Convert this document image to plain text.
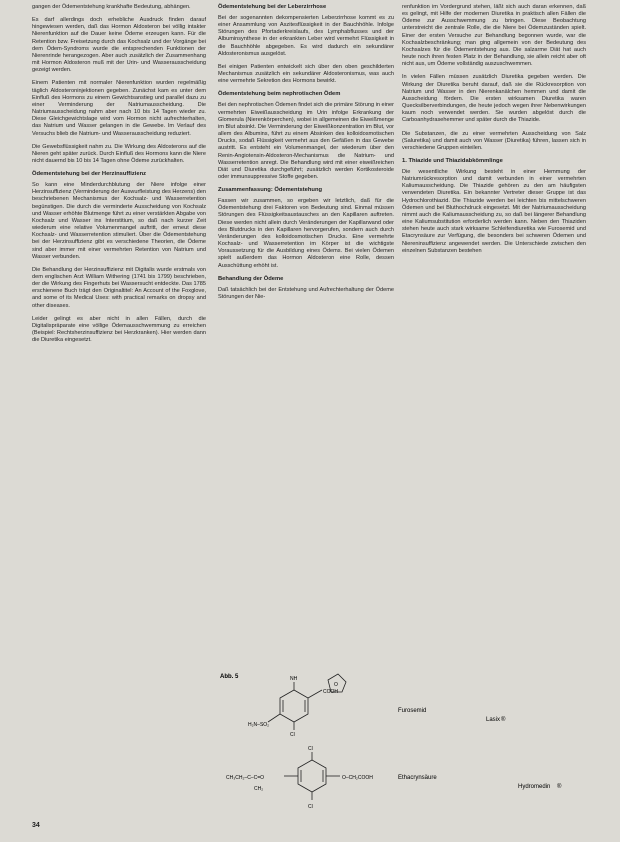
gangen der Ödementstehung krankhafte Bedeutung, abhängen.

Es darf allerdings doch erhebliche Ausdruck finden darauf hingewiesen werden, daß das Hormon Aldosteron bei völlig intakter Nierenfunktion auf die Dauer keine Ödeme erzeugen kann. Für die Retention bzw. Freisetzung durch das Kochsalz und der Vorgänge bei dem Ödem-Syndroms wurde die entsprechenden Funktionen der Nierenrinde herangezogen. Aber auch zusätzlich der Zusammenhang mit Hormon Aldosteron muß mit der Urin- und Wasserausscheidung gezeigt werden.

Einem Patienten mit normaler Nierenfunktion wurden regelmäßig täglich Aldosteroninjektionen gegeben. Zunächst kam es unter dem Einfluß des Hormons zu einem Gewichtsanstieg und parallel dazu zu einer Verminderung der Natriumausscheidung. Die Natriumausscheidung nahm aber nach 10 bis 14 Tagen wieder zu. Diese Gleichgewichtslage wird vom Hormon nicht aufrechterhalten, das Natrium und Wasser gelangen in die Gewebe. Im Verlauf des Versuchs blieb die Natrium- und Wasserausscheidung reduziert.

Die Gewebsflüssigkeit nahm zu. Die Wirkung des Aldosterons auf die Nieren geht später zurück. Durch Einfluß des Hormons kann die Niere nicht dauernd bis 10 bis 14 Tagen ohne Ödeme zurückhalten.

Ödementstehung bei der Herzinsuffizienz

So kann eine Minderdurchblutung der Niere infolge einer Herzinsuffizienz (Verminderung der Auswurfleistung des Herzens) den beschriebenen Mechanismus der Kochsalz- und Wasserretention begünstigen. Die durch die verminderte Ausscheidung von Kochsalz und Wasser erhöhte Blutmenge führt zu einer verstärkten Abgabe von Kochsalz und Wasser ins Interstitium, so daß nach kurzer Zeit wiederum eine relative Volumenmangel auftritt, der erneut diese Kochsalz- und Wasserretention stimuliert. Über die Ödementstehung bei der Herzinsuffizienz gibt es verschiedene Theorien, die Ödeme sind aber immer mit einer vermehrten Retention von Natrium und Wasser verbunden.

Die Behandlung der Herzinsuffizienz mit Digitalis wurde erstmals von dem englischen Arzt William Withering (1741 bis 1799) beschrieben, der die Wirkung des Fingerhuts bei Wassersucht entdeckte. Das 1785 erschienene Buch trägt den Originaltitel: An Account of the Foxglove, and some of its Medical Uses: with practical remarks on dropsy and other diseases.

Leider gelingt es aber nicht in allen Fällen, durch die Digitalispräparate eine völlige Ödemausschwemmung zu erreichen (Beispiel: Rechtsherzinsuffizienz bei Herzkranken). Hier werden dann die Diuretika eingesetzt.

Ödementstehung bei der Leberzirrhose

Bei der sogenannten dekompensierten Leberzirrhose kommt es zu einer Ansammlung von Aszitesflüssigkeit in der Bauchhöhle. Infolge Störungen des Pfortaderkreislaufs, des Lymphabflusses und der Albuminsynthese in der erkrankten Leber wird vermehrt Flüssigkeit in die Bauchhöhle abgegeben. Es wird dadurch ein sekundärer Aldosteronismus ausgelöst.

Bei einigen Patienten entwickelt sich über den oben geschilderten Mechanismus zusätzlich ein sekundärer Aldosteronismus, was auch eine vermehrte Sekretion des Hormons bewirkt.

Ödementstehung beim nephrotischen Ödem

Bei den nephrotischen Ödemen findet sich die primäre Störung in einer vermehrten Eiweißausscheidung im Urin infolge Erkrankung der Glomerula (Nierenkörperchen), wobei in allgemeinen die Eiweißmenge im Blut absinkt. Die Verminderung der Eiweißkonzentration im Blut, vor allem des Albumins, führt zu einem Absinken des kolloidosmotischen Drucks, sodaß Flüssigkeit vermehrt aus den Gefäßen in das Gewebe austritt. Es entsteht ein Volumenmangel, der wiederum über den Renin-Angiotensin-Aldosteron-Mechanismus die Natrium- und Wasserretention anregt. Die Behandlung wird mit einer eiweißreichen Diät und Diuretika durchgeführt; zusätzlich werden Kortikosteroide oder immunsuppressive Stoffe gegeben.

Zusammenfassung: Ödementstehung

Fassen wir zusammen, so ergeben wir letztlich, daß für die Ödementstehung drei Faktoren von Bedeutung sind. Einmal müssen Störungen des Flüssigkeitsaustausches an den Kapillaren auftreten. Diese werden nicht allein durch Veränderungen der Kapillarwand oder des Blutdrucks in den Kapillaren hervorgerufen, sondern auch durch Veränderungen des kolloidosmotischen Drucks. Eine vermehrte Kochsalz- und Wasserretention im Körper ist die wichtigste Voraussetzung für die Ausbildung eines Ödems. Bei vielen Ödemen spielt außerdem das Hormon Aldosteron eine Rolle, dessen Ausschüttung erhöht ist.

Behandlung der Ödeme

Daß tatsächlich bei der Entstehung und Aufrechterhaltung der Ödeme Störungen der Nie-

renfunktion im Vordergrund stehen, läßt sich auch daran erkennen, daß es gelingt, mit Hilfe der modernen Diuretika in praktisch allen Fällen die Ödeme zur Ausschwemmung zu bringen. Diese Beobachtung unterstreicht die zentrale Rolle, die die Niere bei Ödemzuständen spielt. Einer der ersten Versuche zur Behandlung begonnen wurde, war die Kochsalzbeschränkung; man ging allgemein von der Bedeutung des Kochsalzes für die Ödementstehung aus. Die salzarme Diät hat auch heute noch ihren festen Platz in der Behandlung, sie allein reicht aber oft nicht aus, um Ödeme vollständig auszuschwemmen.

In vielen Fällen müssen zusätzlich Diuretika gegeben werden. Die Wirkung der Diuretika beruht darauf, daß sie die Rückresorption von Natrium und Wasser in den Nierenkanälchen hemmen und damit die Ausscheidung fördern. Die ersten wirksamen Diuretika waren Quecksilberverbindungen, die heute jedoch wegen ihrer Nebenwirkungen kaum noch verwendet werden. Sie wurden abgelöst durch die Carboanhydrasehemmer und später durch die Thiazide.

Die Substanzen, die zu einer vermehrten Ausscheidung von Salz (Saluretika) und damit auch von Wasser (Diuretika) führen, lassen sich in verschiedene Gruppen einteilen.

1. Thiazide und Thiazidabkömmlinge

Die wesentliche Wirkung besteht in einer Hemmung der Natriumrückresorption und damit verbunden in einer vermehrten Kaliumausscheidung. Die Thiazide gehören zu den am häufigsten verwendeten Diuretika. Ein bekannter Vertreter dieser Gruppe ist das Hydrochlorothiazid. Die Thiazide werden bei leichten bis mittelschweren Ödemen und bei Bluthochdruck eingesetzt. Mit der Natriumausscheidung nimmt auch die Kaliumausscheidung zu, so daß bei längerer Behandlung eine Kaliumsubstitution erforderlich werden kann. Neben den Thiaziden stehen heute auch stark wirksame Schleifendiuretika wie Furosemid und Etacrynsäure zur Verfügung, die besonders bei schweren Ödemen und Niereninsuffizienz angewendet werden. Die Unterschiede zwischen den einzelnen Substanzen bestehen

Abb. 5	NH
COOH
H₂N–SO₂
Cl
O
Furosemid
Lasix ®
CH₃CH₂–C–C=O	O–CH₂COOH
Cl
Cl
CH₂
Ethacrynsäure
Hydromedin ®
34
